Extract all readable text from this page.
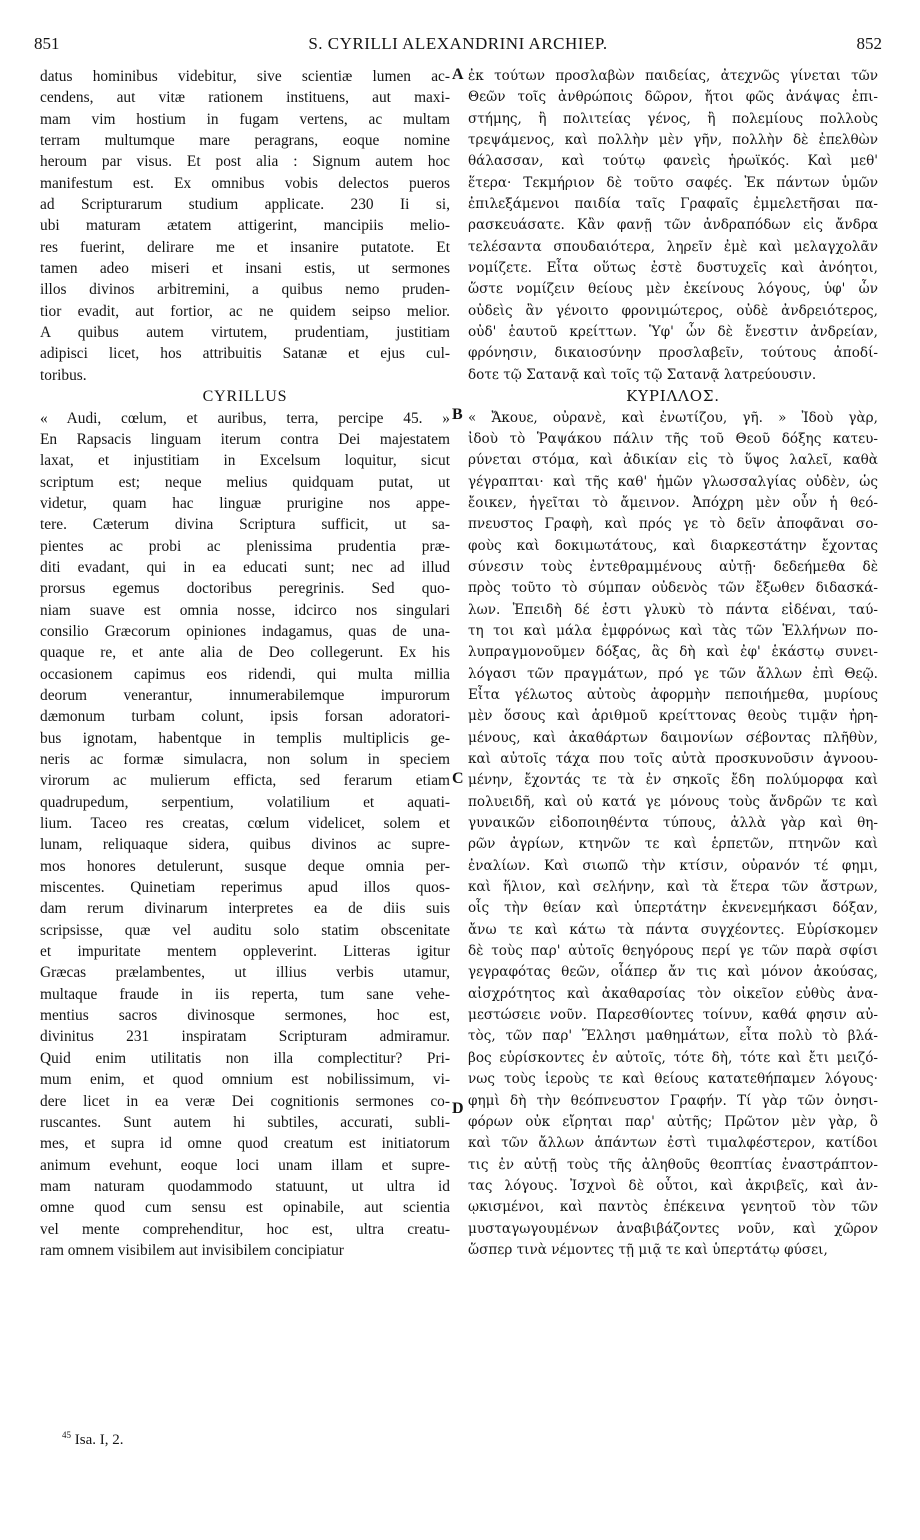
851	S. CYRILLI ALEXANDRINI ARCHIEP.	852
datus hominibus videbitur, sive scientiæ lumen ac-
cendens, aut vitæ rationem instituens, aut maxi-
mam vim hostium in fugam vertens, ac multam
terram multumque mare peragrans, eoque nomine
heroum par visus. Et post alia : Signum autem hoc
manifestum est. Ex omnibus vobis delectos pueros
ad Scripturarum studium applicate. 230 Ii si,
ubi maturam ætatem attigerint, mancipiis melio-
res fuerint, delirare me et insanire putatote. Et
tamen adeo miseri et insani estis, ut sermones
illos divinos arbitremini, a quibus nemo pruden-
tior evadit, aut fortior, ac ne quidem seipso melior.
A quibus autem virtutem, prudentiam, justitiam
adipisci licet, hos attribuitis Satanæ et ejus cul-
toribus.
CYRILLUS
« Audi, cœlum, et auribus, terra, percipe 45. »
En Rapsacis linguam iterum contra Dei majestatem
laxat, et injustitiam in Excelsum loquitur, sicut
scriptum est; neque melius quidquam putat, ut
videtur, quam hac linguæ prurigine nos appe-
tere. Cæterum divina Scriptura sufficit, ut sa-
pientes ac probi ac plenissima prudentia præ-
diti evadant, qui in ea educati sunt; nec ad illud
prorsus egemus doctoribus peregrinis. Sed quo-
niam suave est omnia nosse, idcirco nos singulari
consilio Græcorum opiniones indagamus, quas de una-
quaque re, et ante alia de Deo collegerunt. Ex his
occasionem capimus eos ridendi, qui multa millia
deorum venerantur, innumerabilemque impurorum
dæmonum turbam colunt, ipsis forsan adoratori-
bus ignotam, habentque in templis multiplicis ge-
neris ac formæ simulacra, non solum in speciem
virorum ac mulierum efficta, sed ferarum etiam
quadrupedum, serpentium, volatilium et aquati-
lium. Taceo res creatas, cœlum videlicet, solem et
lunam, reliquaque sidera, quibus divinos ac supre-
mos honores detulerunt, susque deque omnia per-
miscentes. Quinetiam reperimus apud illos quos-
dam rerum divinarum interpretes ea de diis suis
scripsisse, quæ vel auditu solo statim obscenitate
et impuritate mentem oppleverint. Litteras igitur
Græcas prælambentes, ut illius verbis utamur,
multaque fraude in iis reperta, tum sane vehe-
mentius sacros divinosque sermones, hoc est,
divinitus 231 inspiratam Scripturam admiramur.
Quid enim utilitatis non illa complectitur? Pri-
mum enim, et quod omnium est nobilissimum, vi-
dere licet in ea veræ Dei cognitionis sermones co-
ruscantes. Sunt autem hi subtiles, accurati, subli-
mes, et supra id omne quod creatum est initiatorum
animum evehunt, eoque loci unam illam et supre-
mam naturam quodammodo statuunt, ut ultra id
omne quod cum sensu est opinabile, aut scientia
vel mente comprehenditur, hoc est, ultra creatu-
ram omnem visibilem aut invisibilem concipiatur
ἐκ τούτων προσλαβὼν παιδείας, ἀτεχνῶς γίνεται τῶν
Θεῶν τοῖς ἀνθρώποις δῶρον, ἤτοι φῶς ἀνάψας ἐπι-
στήμης, ἢ πολιτείας γένος, ἢ πολεμίους πολλοὺς
τρεψάμενος, καὶ πολλὴν μὲν γῆν, πολλὴν δὲ ἐπελθὼν
θάλασσαν, καὶ τούτῳ φανεὶς ἡρωϊκός. Καὶ μεθ'
ἕτερα· Τεκμήριον δὲ τοῦτο σαφές. Ἐκ πάντων ὑμῶν
ἐπιλεξάμενοι παιδία ταῖς Γραφαῖς ἐμμελετῆσαι πα-
ρασκευάσατε. Κἂν φανῇ τῶν ἀνδραπόδων εἰς ἄνδρα
τελέσαντα σπουδαιότερα, ληρεῖν ἐμὲ καὶ μελαγχολᾶν
νομίζετε. Εἶτα οὕτως ἐστὲ δυστυχεῖς καὶ ἀνόητοι,
ὥστε νομίζειν θείους μὲν ἐκείνους λόγους, ὑφ' ὧν
οὐδεὶς ἂν γένοιτο φρονιμώτερος, οὐδὲ ἀνδρειότερος,
οὐδ' ἑαυτοῦ κρείττων. Ὑφ' ὧν δὲ ἔνεστιν ἀνδρείαν,
φρόνησιν, δικαιοσύνην προσλαβεῖν, τούτους ἀποδί-
δοτε τῷ Σατανᾷ καὶ τοῖς τῷ Σατανᾷ λατρεύουσιν.
ΚΥΡΙΛΛΟΣ.
« Ἄκουε, οὐρανὲ, καὶ ἐνωτίζου, γῆ. » Ἰδοὺ γὰρ,
ἰδοὺ τὸ Ῥαψάκου πάλιν τῆς τοῦ Θεοῦ δόξης κατευ-
ρύνεται στόμα, καὶ ἀδικίαν εἰς τὸ ὕψος λαλεῖ, καθὰ
γέγραπται· καὶ τῆς καθ' ἡμῶν γλωσσαλγίας οὐδὲν, ὡς
ἔοικεν, ἡγεῖται τὸ ἄμεινον. Ἀπόχρη μὲν οὖν ἡ θεό-
πνευστος Γραφὴ, καὶ πρός γε τὸ δεῖν ἀποφᾶναι σο-
φοὺς καὶ δοκιμωτάτους, καὶ διαρκεστάτην ἔχοντας
σύνεσιν τοὺς ἐντεθραμμένους αὐτῇ· δεδεήμεθα δὲ
πρὸς τοῦτο τὸ σύμπαν οὐδενὸς τῶν ἔξωθεν διδασκά-
λων. Ἐπειδὴ δέ ἐστι γλυκὺ τὸ πάντα εἰδέναι, ταύ-
τη τοι καὶ μάλα ἐμφρόνως καὶ τὰς τῶν Ἑλλήνων πο-
λυπραγμονοῦμεν δόξας, ἃς δὴ καὶ ἐφ' ἑκάστῳ συνει-
λόγασι τῶν πραγμάτων, πρό γε τῶν ἄλλων ἐπὶ Θεῷ.
Εἶτα γέλωτος αὐτοὺς ἀφορμὴν πεποιήμεθα, μυρίους
μὲν ὅσους καὶ ἀριθμοῦ κρείττονας θεοὺς τιμᾷν ἠρη-
μένους, καὶ ἀκαθάρτων δαιμονίων σέβοντας πλῆθὺν,
καὶ αὐτοῖς τάχα που τοῖς αὐτὰ προσκυνοῦσιν ἀγνοου-
μένην, ἔχοντάς τε τὰ ἐν σηκοῖς ἔδη πολύμορφα καὶ
πολυειδῆ, καὶ οὐ κατά γε μόνους τοὺς ἄνδρῶν τε καὶ
γυναικῶν εἰδοποιηθέντα τύπους, ἀλλὰ γὰρ καὶ θη-
ρῶν ἀγρίων, κτηνῶν τε καὶ ἑρπετῶν, πτηνῶν καὶ
ἐναλίων. Καὶ σιωπῶ τὴν κτίσιν, οὐρανόν τέ φημι,
καὶ ἥλιον, καὶ σελήνην, καὶ τὰ ἕτερα τῶν ἄστρων,
οἷς τὴν θείαν καὶ ὑπερτάτην ἐκνενεμήκασι δόξαν,
ἄνω τε καὶ κάτω τὰ πάντα συγχέοντες. Εὑρίσκομεν
δὲ τοὺς παρ' αὐτοῖς θεηγόρους περί γε τῶν παρὰ σφίσι
γεγραφότας θεῶν, οἷάπερ ἄν τις καὶ μόνον ἀκούσας,
αἰσχρότητος καὶ ἀκαθαρσίας τὸν οἰκεῖον εὐθὺς ἀνα-
μεστώσειε νοῦν. Παρεσθίοντες τοίνυν, καθά φησιν αὐ-
τὸς, τῶν παρ' Ἕλλησι μαθημάτων, εἶτα πολὺ τὸ βλά-
βος εὑρίσκοντες ἐν αὐτοῖς, τότε δὴ, τότε καὶ ἔτι μειζό-
νως τοὺς ἱεροὺς τε καὶ θείους κατατεθήπαμεν λόγους·
φημὶ δὴ τὴν θεόπνευστον Γραφήν. Τί γὰρ τῶν ὀνησι-
φόρων οὐκ εἴρηται παρ' αὐτῆς; Πρῶτον μὲν γὰρ, ὃ
καὶ τῶν ἄλλων ἁπάντων ἐστὶ τιμαλφέστερον, κατίδοι
τις ἐν αὐτῇ τοὺς τῆς ἀληθοῦς θεοπτίας ἐναστράπτον-
τας λόγους. Ἰσχνοὶ δὲ οὗτοι, καὶ ἀκριβεῖς, καὶ ἀν-
ῳκισμένοι, καὶ παντὸς ἐπέκεινα γενητοῦ τὸν τῶν
μυσταγωγουμένων ἀναβιβάζοντες νοῦν, καὶ χῶρον
ὥσπερ τινὰ νέμοντες τῇ μιᾷ τε καὶ ὑπερτάτῳ φύσει,
A
B
C
D
$^{45}$ Isa. I, 2.
